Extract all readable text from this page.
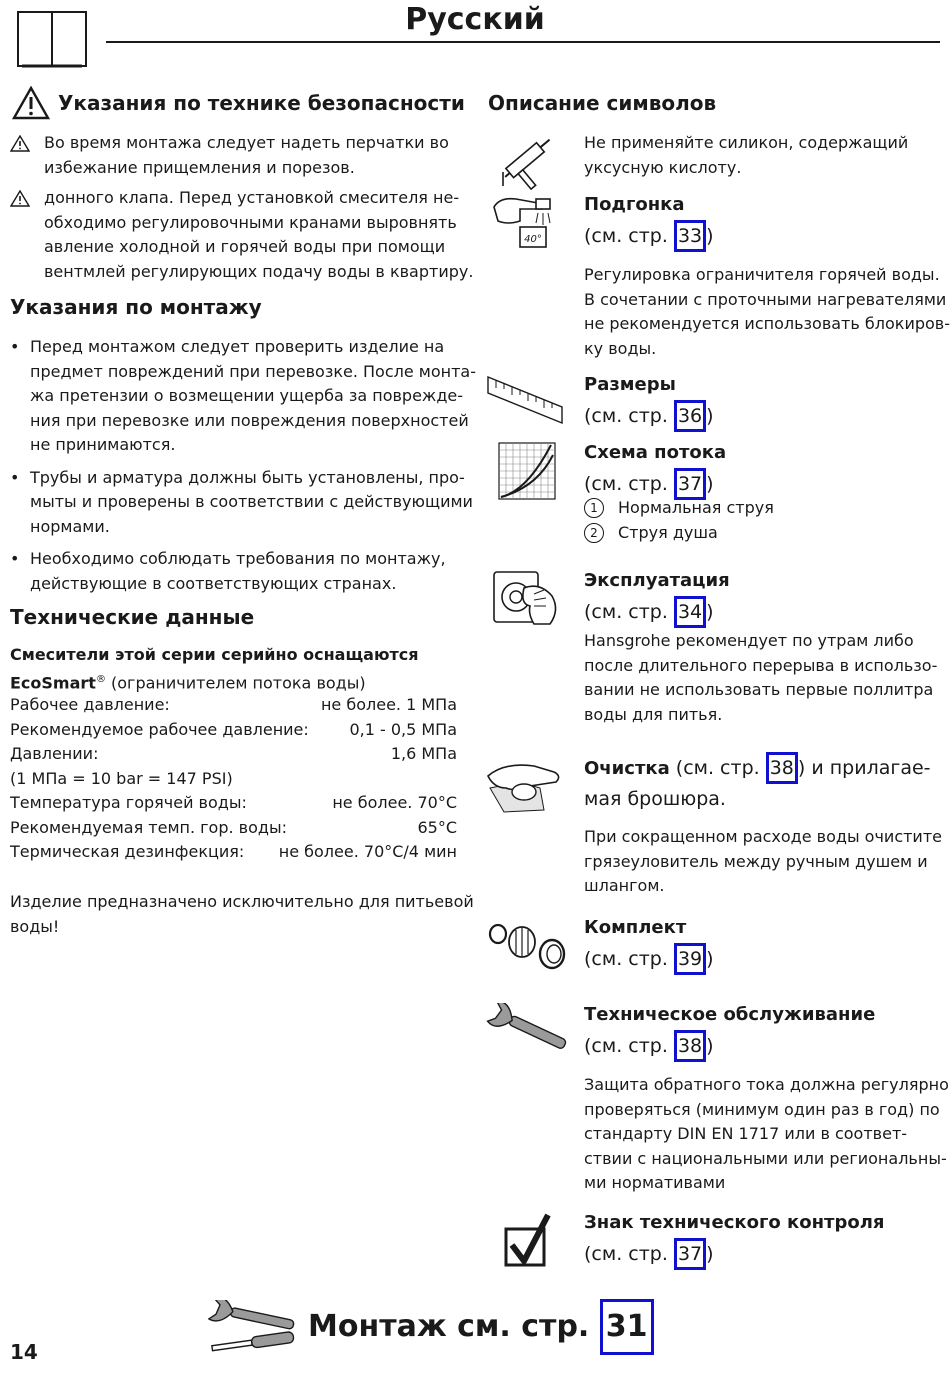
Русский
Указания по технике безопасности
Во время монтажа следует надеть перчатки во
избежание прищемления и порезов.
донного клапа. Перед установкой смесителя не-
обходимо регулировочными кранами выровнять
авление холодной и горячей воды при помощи
вентмлей регулирующих подачу воды в квартиру.
Указания по монтажу
• Перед монтажом следует проверить изделие на
предмет повреждений при перевозке. После монта-
жа претензии о возмещении ущерба за поврежде-
ния при перевозке или повреждения поверхностей
не принимаются.
• Трубы и арматура должны быть установлены, про-
мыты и проверены в соответствии с действующими
нормами.
• Необходимо соблюдать требования по монтажу,
действующие в соответствующих странах.
Технические данные
Смесители этой серии серийно оснащаются
EcoSmart® (ограничителем потока воды)
Рабочее давление:	не более. 1 МПа
Рекомендуемое рабочее давление:	0,1 - 0,5 МПа
Давлении:	1,6 МПа
(1 МПа = 10 bar = 147 PSI)
Температура горячей воды:	не более. 70°C
Рекомендуемая темп. гор. воды:	65°C
Термическая дезинфекция: не более. 70°C/4 мин
Изделие предназначено исключительно для питьевой
воды!
Описание символов
Не применяйте силикон, содержащий
уксусную кислоту.
40°
Подгонка
(см. стр. 33 )
Регулировка ограничителя горячей воды.
В сочетании с проточными нагревателями
не рекомендуется использовать блокиров-
ку воды.
Размеры
(см. стр. 36 )
Схема потока
(см. стр. 37 )
1	Нормальная струя
2	Струя душа
Эксплуатация
(см. стр. 34 )
Hansgrohe рекомендует по утрам либо
после длительного перерыва в использо-
вании не использовать первые поллитра
воды для питья.
Очистка (см. стр. 38 ) и прилагае-
мая брошюра.
При сокращенном расходе воды очистите
грязеуловитель между ручным душем и
шлангом.
Комплект
(см. стр. 39 )
Техническое обслуживание
(см. стр. 38 )
Защита обратного тока должна регулярно
проверяться (минимум один раз в год) по
стандарту DIN EN 1717 или в соответ-
ствии с национальными или региональны-
ми нормативами
Знак технического контроля
(см. стр. 37 )
14
Монтаж см. стр. 31
